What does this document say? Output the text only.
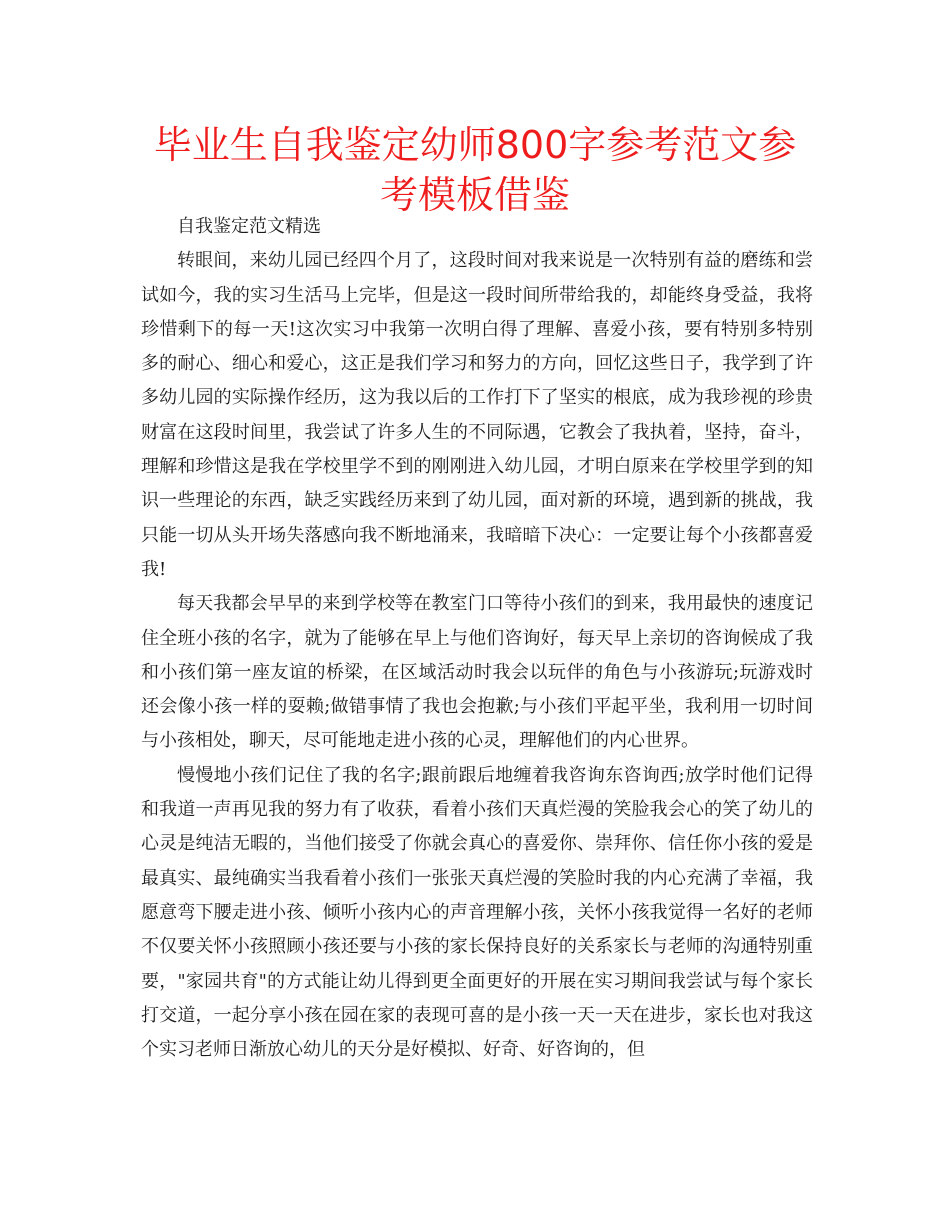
毕业生自我鉴定幼师800字参考范文参考模板借鉴

自我鉴定范文精选

转眼间，来幼儿园已经四个月了，这段时间对我来说是一次特别有益的磨练和尝试如今，我的实习生活马上完毕，但是这一段时间所带给我的，却能终身受益，我将珍惜剩下的每一天!这次实习中我第一次明白得了理解、喜爱小孩，要有特别多特别多的耐心、细心和爱心，这正是我们学习和努力的方向，回忆这些日子，我学到了许多幼儿园的实际操作经历，这为我以后的工作打下了坚实的根底，成为我珍视的珍贵财富在这段时间里，我尝试了许多人生的不同际遇，它教会了我执着，坚持，奋斗，理解和珍惜这是我在学校里学不到的刚刚进入幼儿园，才明白原来在学校里学到的知识一些理论的东西，缺乏实践经历来到了幼儿园，面对新的环境，遇到新的挑战，我只能一切从头开场失落感向我不断地涌来，我暗暗下决心：一定要让每个小孩都喜爱我!

每天我都会早早的来到学校等在教室门口等待小孩们的到来，我用最快的速度记住全班小孩的名字，就为了能够在早上与他们咨询好，每天早上亲切的咨询候成了我和小孩们第一座友谊的桥梁，在区域活动时我会以玩伴的角色与小孩游玩;玩游戏时还会像小孩一样的耍赖;做错事情了我也会抱歉;与小孩们平起平坐，我利用一切时间与小孩相处，聊天，尽可能地走进小孩的心灵，理解他们的内心世界。

慢慢地小孩们记住了我的名字;跟前跟后地缠着我咨询东咨询西;放学时他们记得和我道一声再见我的努力有了收获，看着小孩们天真烂漫的笑脸我会心的笑了幼儿的心灵是纯洁无暇的，当他们接受了你就会真心的喜爱你、崇拜你、信任你小孩的爱是最真实、最纯确实当我看着小孩们一张张天真烂漫的笑脸时我的内心充满了幸福，我愿意弯下腰走进小孩、倾听小孩内心的声音理解小孩，关怀小孩我觉得一名好的老师不仅要关怀小孩照顾小孩还要与小孩的家长保持良好的关系家长与老师的沟通特别重要，"家园共育"的方式能让幼儿得到更全面更好的开展在实习期间我尝试与每个家长打交道，一起分享小孩在园在家的表现可喜的是小孩一天一天在进步，家长也对我这个实习老师日渐放心幼儿的天分是好模拟、好奇、好咨询的，但
